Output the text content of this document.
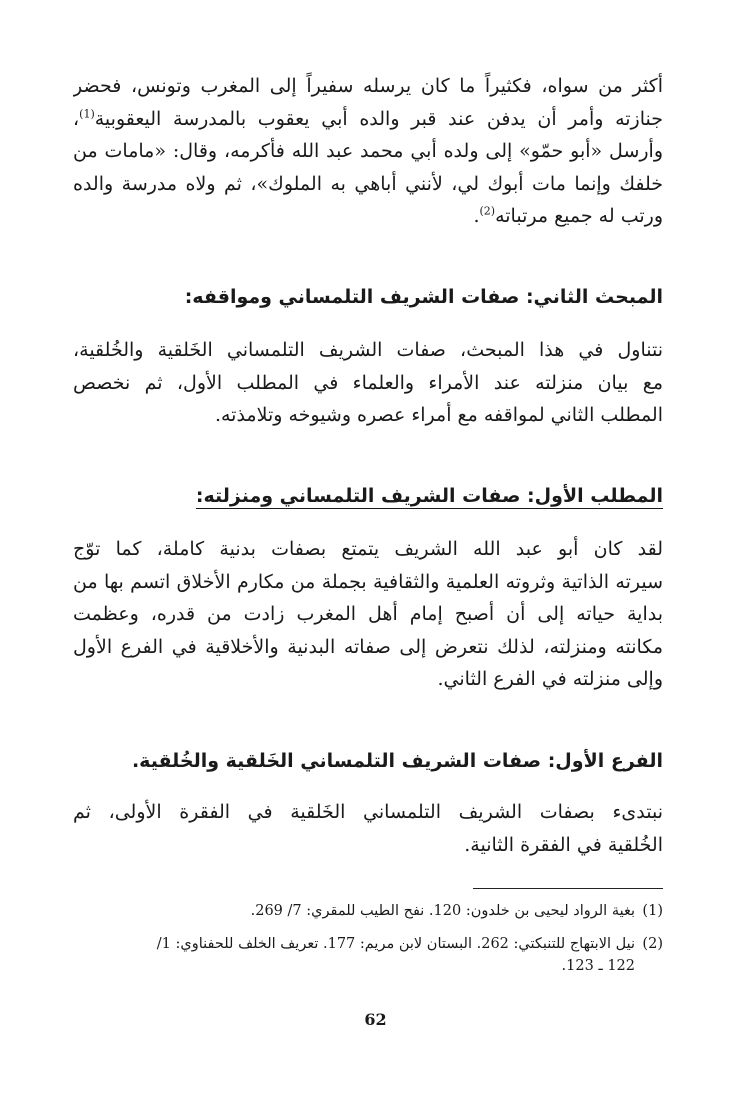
أكثر من سواه، فكثيراً ما كان يرسله سفيراً إلى المغرب وتونس، فحضر
جنازته وأمر أن يدفن عند قبر والده أبي يعقوب بالمدرسة اليعقوبية$^{(1)}$،
وأرسل «أبو حمّو» إلى ولده أبي محمد عبد الله فأكرمه، وقال: «مامات من
خلفك وإنما مات أبوك لي، لأنني أباهي به الملوك»، ثم ولاه مدرسة والده
ورتب له جميع مرتباته$^{(2)}$.
المبحث الثاني: صفات الشريف التلمساني ومواقفه:
نتناول في هذا المبحث، صفات الشريف التلمساني الخَلقية والخُلقية،
مع بيان منزلته عند الأمراء والعلماء في المطلب الأول، ثم نخصص
المطلب الثاني لمواقفه مع أمراء عصره وشيوخه وتلامذته.
المطلب الأول: صفات الشريف التلمساني ومنزلته:
لقد كان أبو عبد الله الشريف يتمتع بصفات بدنية كاملة، كما توّج
سيرته الذاتية وثروته العلمية والثقافية بجملة من مكارم الأخلاق اتسم بها من
بداية حياته إلى أن أصبح إمام أهل المغرب زادت من قدره، وعظمت
مكانته ومنزلته، لذلك نتعرض إلى صفاته البدنية والأخلاقية في الفرع الأول
وإلى منزلته في الفرع الثاني.
الفرع الأول: صفات الشريف التلمساني الخَلقية والخُلقية.
نبتدىء بصفات الشريف التلمساني الخَلقية في الفقرة الأولى، ثم
الخُلقية في الفقرة الثانية.
(1)بغية الرواد ليحيى بن خلدون: 120. نفح الطيب للمقري: 7/ 269.
(2)نيل الابتهاج للتنبكتي: 262. البستان لابن مريم: 177. تعريف الخلف للحفناوي: 1/
122 ـ 123.
62
